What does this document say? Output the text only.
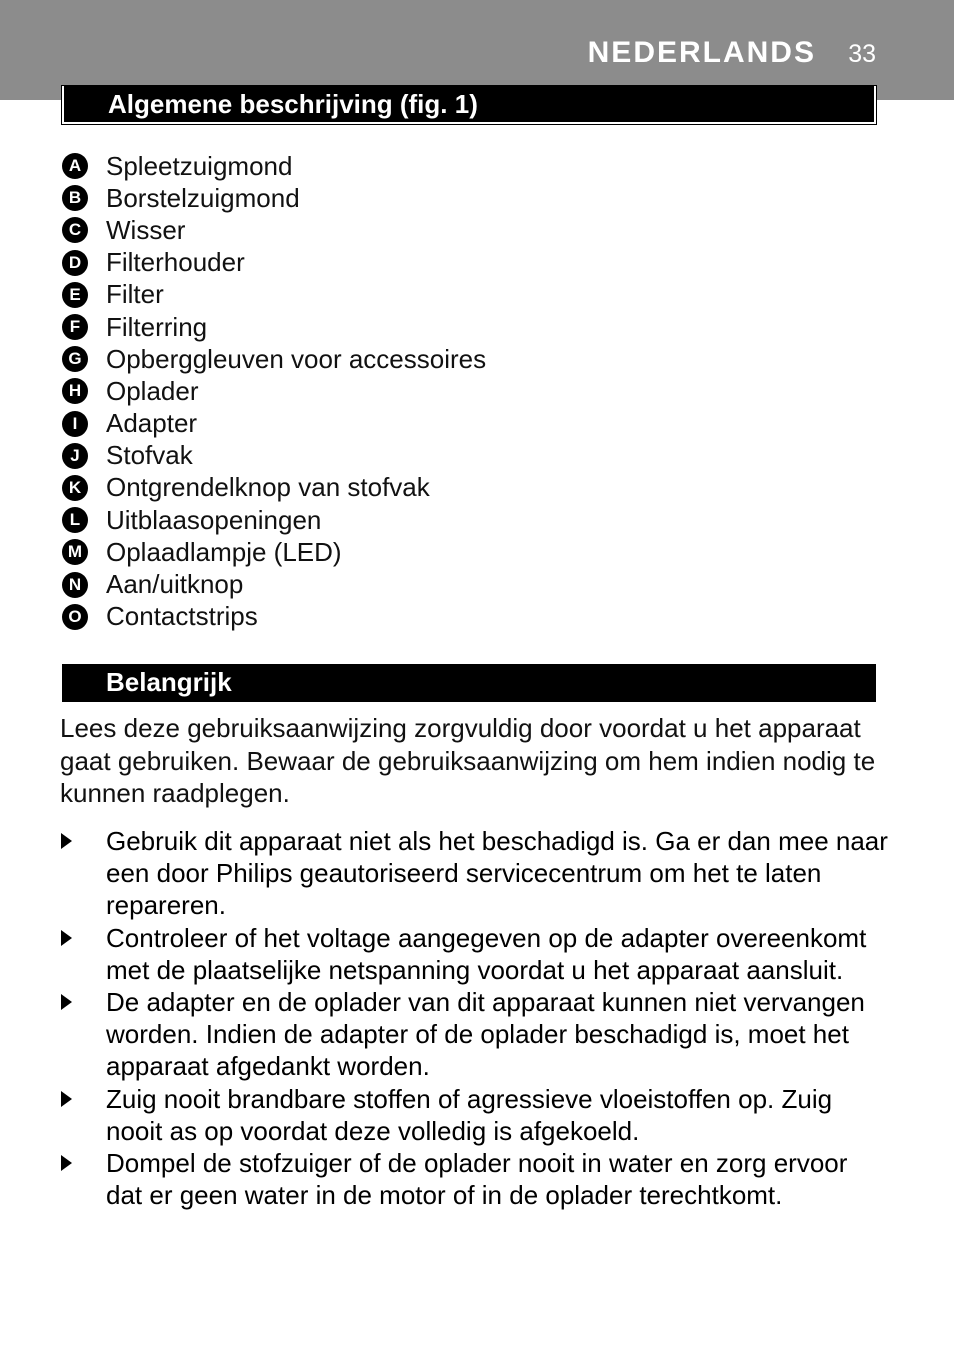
NEDERLANDS 33
Algemene beschrijving (fig. 1)
A Spleetzuigmond
B Borstelzuigmond
C Wisser
D Filterhouder
E Filter
F Filterring
G Opberggleuven voor accessoires
H Oplader
I	Adapter
J	Stofvak
K Ontgrendelknop van stofvak
L Uitblaasopeningen
M Oplaadlampje (LED)
N Aan/uitknop
O Contactstrips
Belangrijk

Lees deze gebruiksaanwijzing zorgvuldig door voordat u het apparaat gaat gebruiken. Bewaar de gebruiksaanwijzing om hem indien nodig te kunnen raadplegen.

Gebruik dit apparaat niet als het beschadigd is. Ga er dan mee naar een door Philips geautoriseerd servicecentrum om het te laten repareren.
Controleer of het voltage aangegeven op de adapter overeenkomt met de plaatselijke netspanning voordat u het apparaat aansluit.
De adapter en de oplader van dit apparaat kunnen niet vervangen worden. Indien de adapter of de oplader beschadigd is, moet het apparaat afgedankt worden.
Zuig nooit brandbare stoffen of agressieve vloeistoffen op. Zuig nooit as op voordat deze volledig is afgekoeld.
Dompel de stofzuiger of de oplader nooit in water en zorg ervoor dat er geen water in de motor of in de oplader terechtkomt.
